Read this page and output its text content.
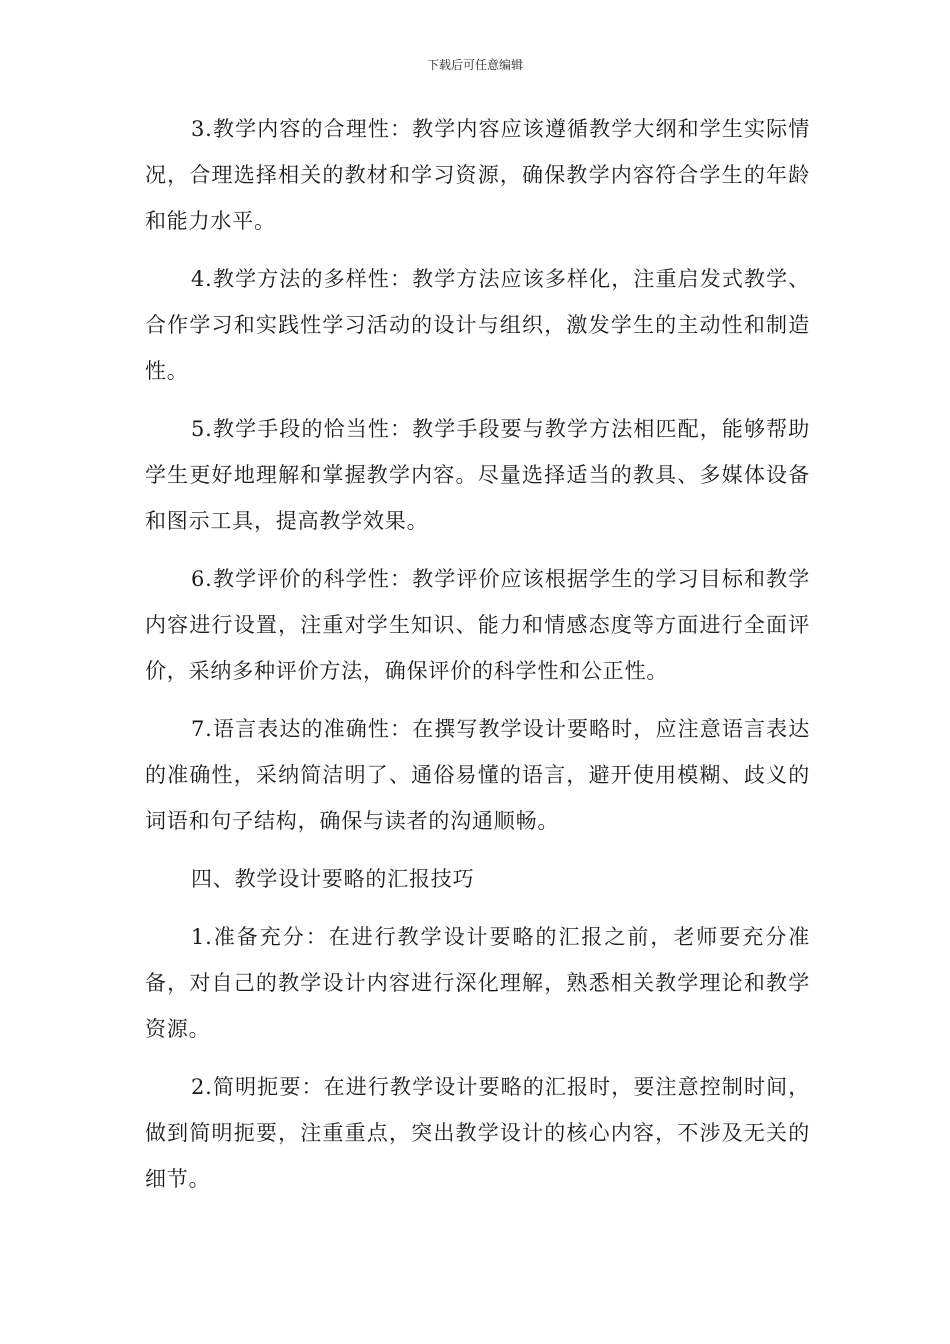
下载后可任意编辑

3.教学内容的合理性：教学内容应该遵循教学大纲和学生实际情况，合理选择相关的教材和学习资源，确保教学内容符合学生的年龄和能力水平。

4.教学方法的多样性：教学方法应该多样化，注重启发式教学、合作学习和实践性学习活动的设计与组织，激发学生的主动性和制造性。

5.教学手段的恰当性：教学手段要与教学方法相匹配，能够帮助学生更好地理解和掌握教学内容。尽量选择适当的教具、多媒体设备和图示工具，提高教学效果。

6.教学评价的科学性：教学评价应该根据学生的学习目标和教学内容进行设置，注重对学生知识、能力和情感态度等方面进行全面评价，采纳多种评价方法，确保评价的科学性和公正性。

7.语言表达的准确性：在撰写教学设计要略时，应注意语言表达的准确性，采纳简洁明了、通俗易懂的语言，避开使用模糊、歧义的词语和句子结构，确保与读者的沟通顺畅。

四、教学设计要略的汇报技巧

1.准备充分：在进行教学设计要略的汇报之前，老师要充分准备，对自己的教学设计内容进行深化理解，熟悉相关教学理论和教学资源。

2.简明扼要：在进行教学设计要略的汇报时，要注意控制时间，做到简明扼要，注重重点，突出教学设计的核心内容，不涉及无关的细节。
